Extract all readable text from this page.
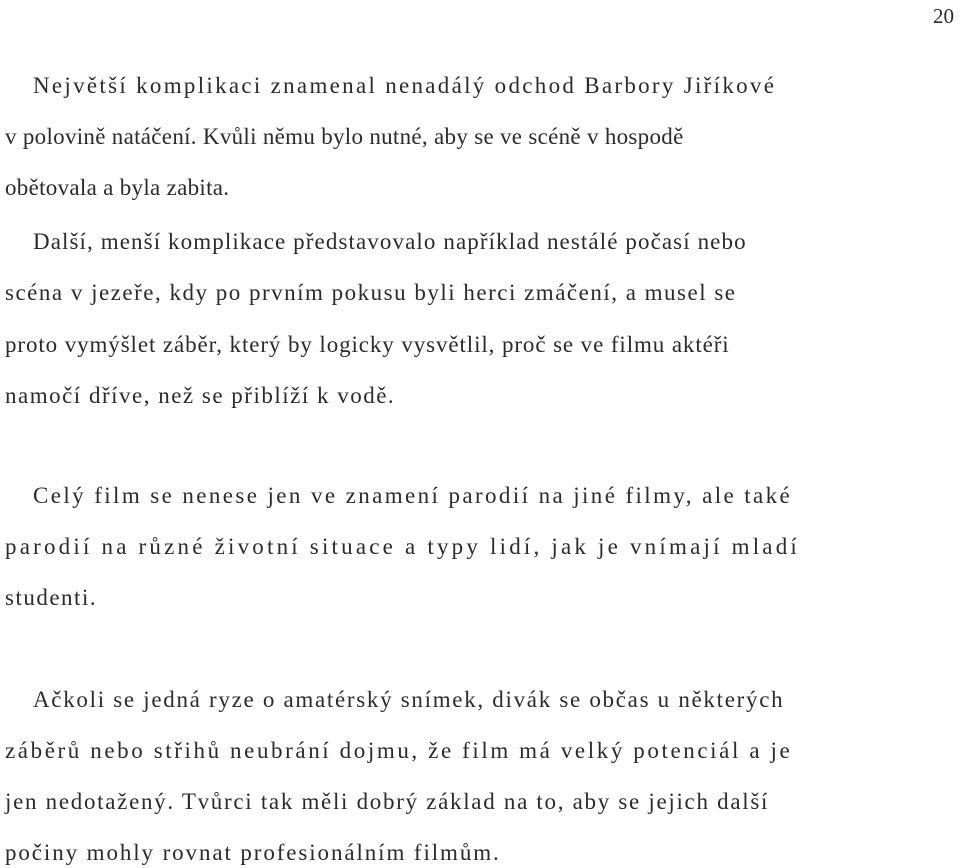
20
Největší komplikaci znamenal nenadálý odchod Barbory Jiříkové
v polovině natáčení. Kvůli němu bylo nutné, aby se ve scéně v hospodě
obětovala a byla zabita.
Další, menší komplikace představovalo například nestálé počasí nebo
scéna v jezeře, kdy po prvním pokusu byli herci zmáčení, a musel se
proto vymýšlet záběr, který by logicky vysvětlil, proč se ve filmu aktéři
namočí dříve, než se přiblíží k vodě.
Celý film se nenese jen ve znamení parodií na jiné filmy, ale také
parodií na různé životní situace a typy lidí, jak je vnímají mladí
studenti.
Ačkoli se jedná ryze o amatérský snímek, divák se občas u některých
záběrů nebo střihů neubrání dojmu, že film má velký potenciál a je
jen nedotažený. Tvůrci tak měli dobrý základ na to, aby se jejich další
počiny mohly rovnat profesionálním filmům.
